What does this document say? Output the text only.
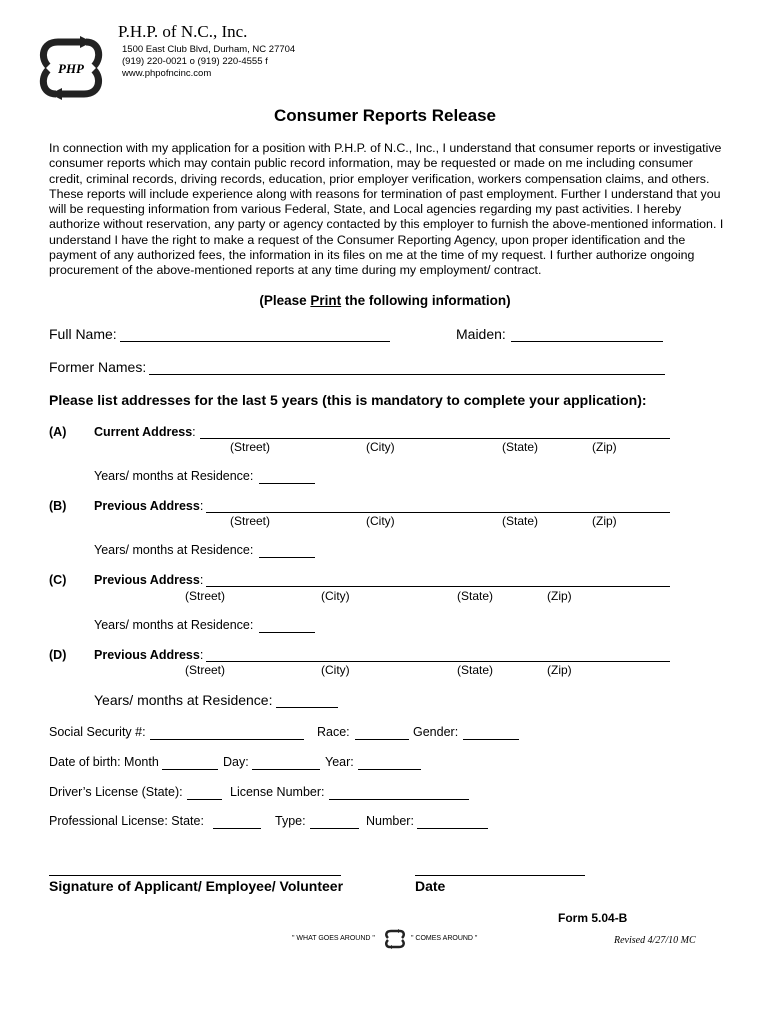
PHP
P.H.P. of N.C., Inc.
1500 East Club Blvd, Durham, NC 27704
(919) 220-0021 o (919) 220-4555 f
www.phpofncinc.com
Consumer Reports Release
In connection with my application for a position with P.H.P. of N.C., Inc., I understand that consumer reports or investigative consumer reports which may contain public record information, may be requested or made on me including consumer credit, criminal records, driving records, education, prior employer verification, workers compensation claims, and others. These reports will include experience along with reasons for termination of past employment. Further I understand that you will be requesting information from various Federal, State, and Local agencies regarding my past activities. I hereby authorize without reservation, any party or agency contacted by this employer to furnish the above-mentioned information. I understand I have the right to make a request of the Consumer Reporting Agency, upon proper identification and the payment of any authorized fees, the information in its files on me at the time of my request. I further authorize ongoing procurement of the above-mentioned reports at any time during my employment/ contract.
(Please Print the following information)
Full Name:	Maiden:
Former Names:
Please list addresses for the last 5 years (this is mandatory to complete your application):
(A) Current Address:
(Street)	(City)	(State)	(Zip)
Years/ months at Residence:
(B) Previous Address:
(Street)	(City)	(State)	(Zip)
Years/ months at Residence:
(C) Previous Address:
(Street)	(City)	(State)	(Zip)
Years/ months at Residence:
(D) Previous Address:
(Street)	(City)	(State)	(Zip)
Years/ months at Residence:
Social Security #:	Race:	Gender:
Date of birth: Month	Day:	Year:
Driver’s License (State):	License Number:
Professional License: State:	Type:	Number:
Signature of Applicant/ Employee/ Volunteer	Date
Form 5.04-B
" WHAT GOES AROUND "	" COMES AROUND "	Revised 4/27/10 MC
